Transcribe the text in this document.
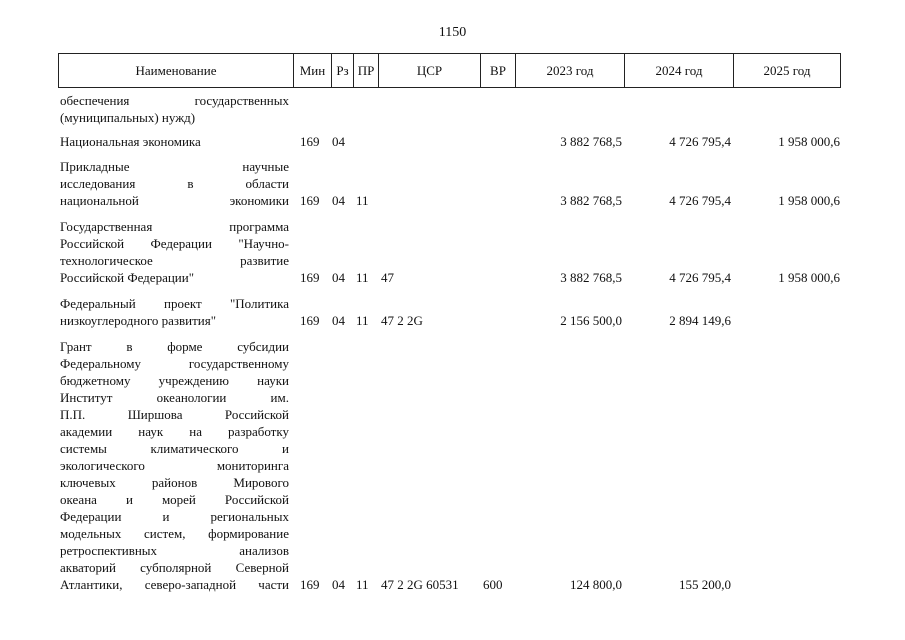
1150
Наименование	Мин Рз ПР	ЦСР	ВР	2023 год	2024 год	2025 год
обеспечения государственных
(муниципальных) нужд)
Национальная экономика	169 04	3 882 768,5	4 726 795,4	1 958 000,6
Прикладные научные
исследования в области
национальной экономики 169 04 11	3 882 768,5	4 726 795,4	1 958 000,6
Государственная программа
Российской Федерации "Научно-
технологическое развитие
Российской Федерации"	169 04 11 47	3 882 768,5	4 726 795,4	1 958 000,6
Федеральный проект "Политика
низкоуглеродного развития"	169 04 11 47 2 2G	2 156 500,0	2 894 149,6
Грант в форме субсидии
Федеральному государственному
бюджетному учреждению науки
Институт океанологии им.
П.П. Ширшова Российской
академии наук на разработку
системы климатического и
экологического мониторинга
ключевых районов Мирового
океана и морей Российской
Федерации и региональных
модельных систем, формирование
ретроспективных анализов
акваторий субполярной Северной
Атлантики, северо-западной части 169 04 11 47 2 2G 60531 600	124 800,0	155 200,0
